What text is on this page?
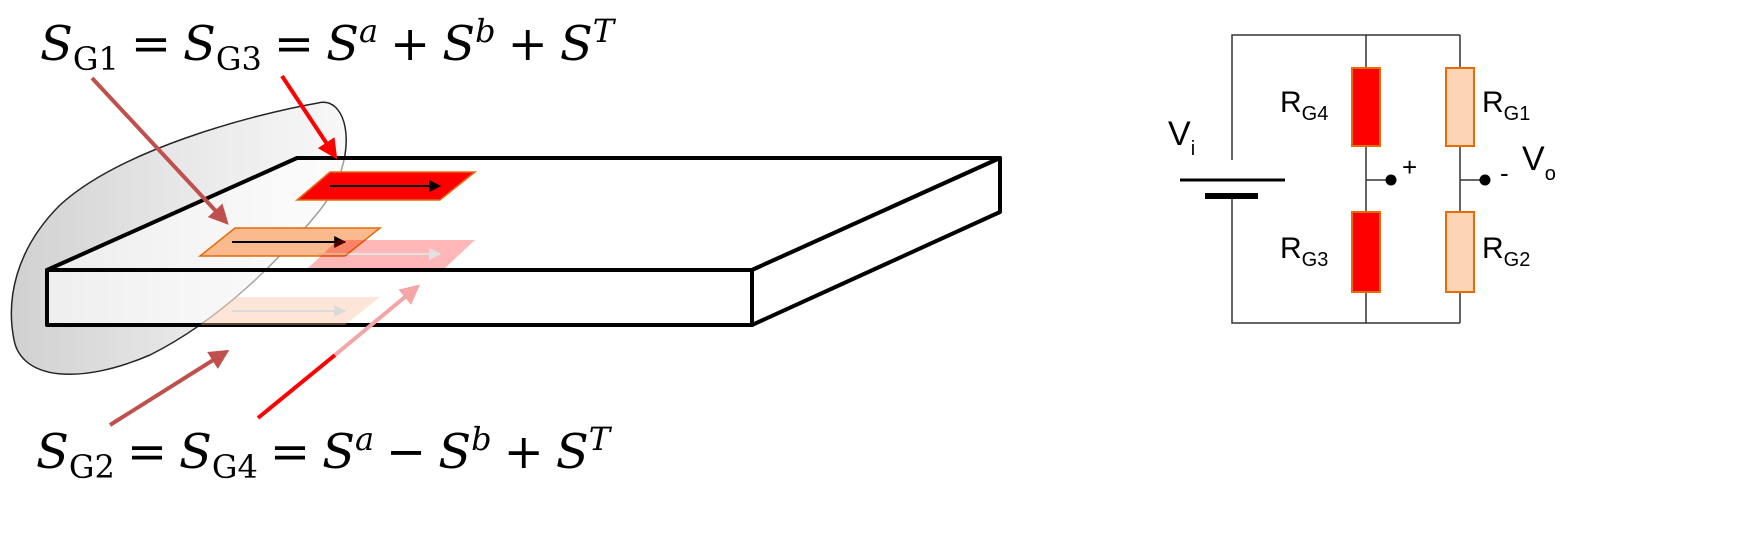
$S_{G1} = S_{G3} = S^a + S^b + S^T$
$S_{G2} = S_{G4} = S^a - S^b + S^T$
$V_i$
+	- $V_o$
$R_{G4}$
$R_{G3}$
$R_{G1}$
$R_{G2}$
